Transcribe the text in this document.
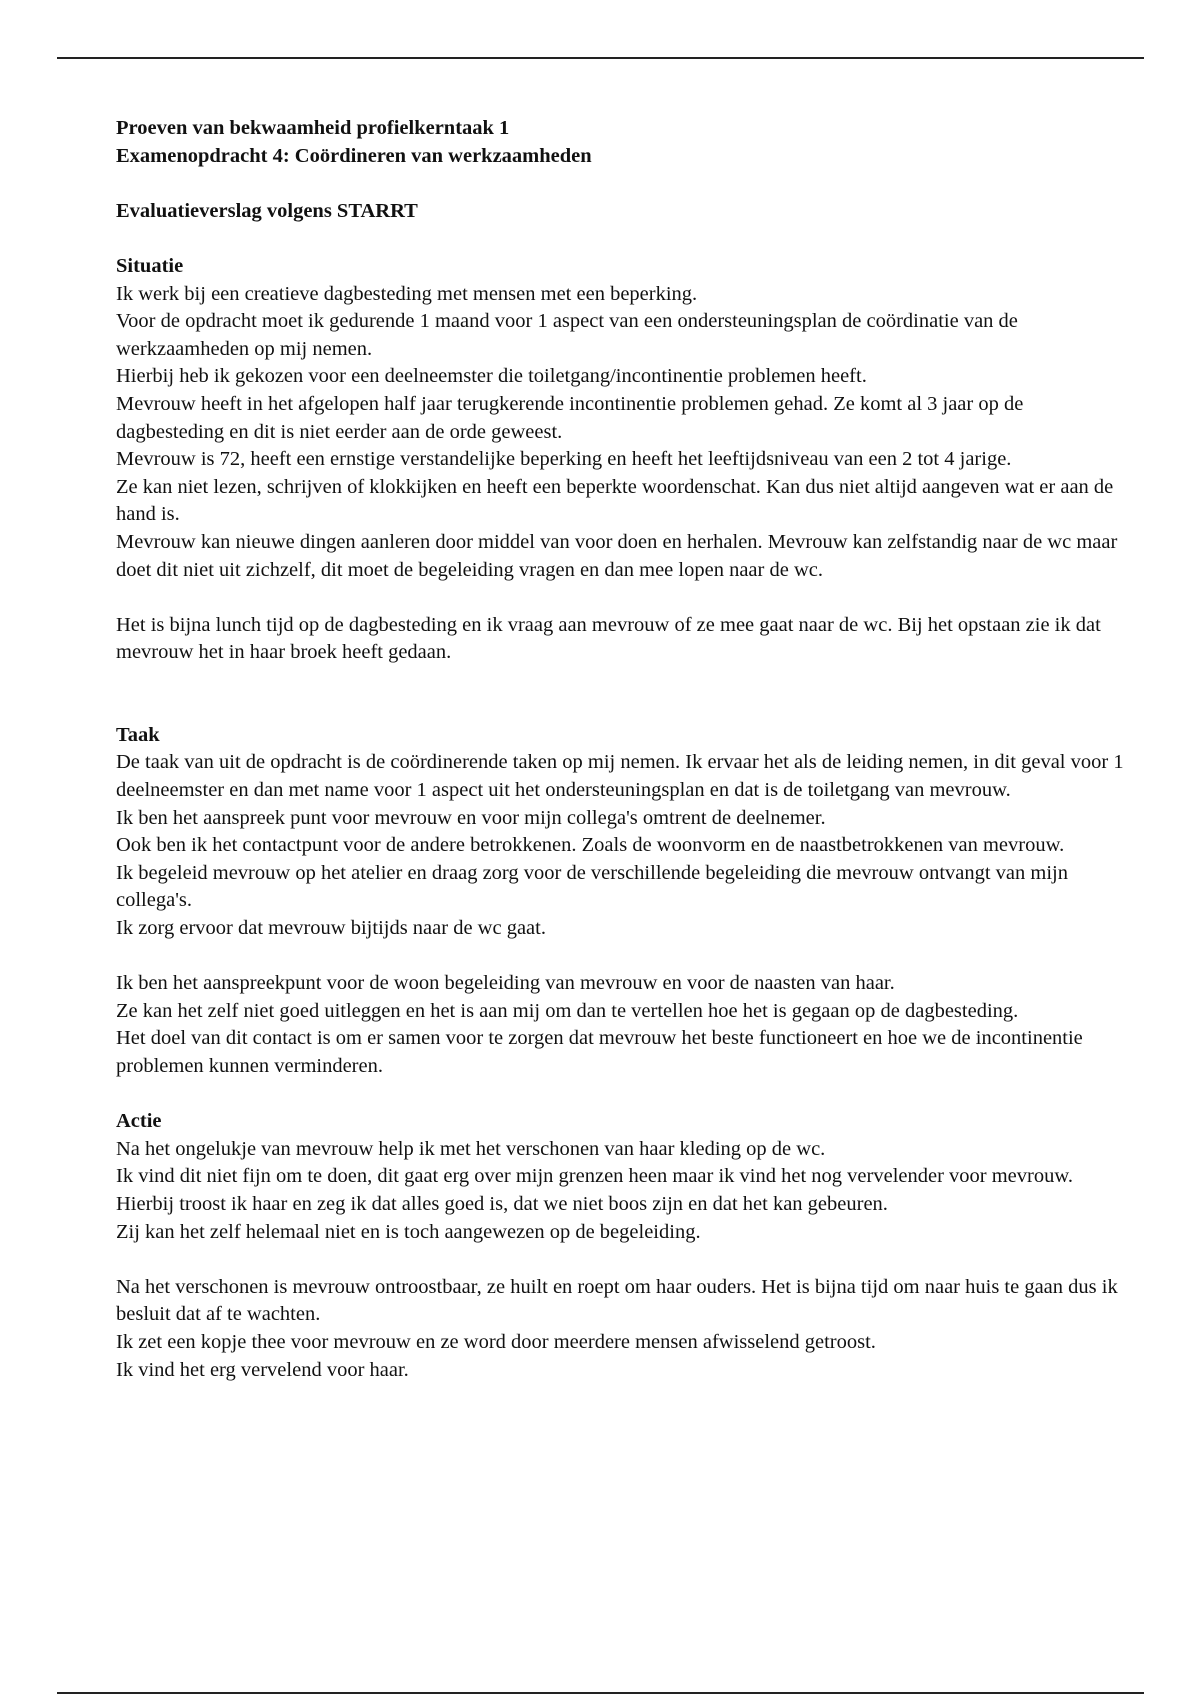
Proeven van bekwaamheid profielkerntaak 1

Examenopdracht 4: Coördineren van werkzaamheden

Evaluatieverslag volgens STARRT

Situatie

Ik werk bij een creatieve dagbesteding met mensen met een beperking.

Voor de opdracht moet ik gedurende 1 maand voor 1 aspect van een ondersteuningsplan de coördinatie van de werkzaamheden op mij nemen.

Hierbij heb ik gekozen voor een deelneemster die toiletgang/incontinentie problemen heeft.

Mevrouw heeft in het afgelopen half jaar terugkerende incontinentie problemen gehad. Ze komt al 3 jaar op de dagbesteding en dit is niet eerder aan de orde geweest.

Mevrouw is 72, heeft een ernstige verstandelijke beperking en heeft het leeftijdsniveau van een 2 tot 4 jarige.

Ze kan niet lezen, schrijven of klokkijken en heeft een beperkte woordenschat. Kan dus niet altijd aangeven wat er aan de hand is.

Mevrouw kan nieuwe dingen aanleren door middel van voor doen en herhalen. Mevrouw kan zelfstandig naar de wc maar doet dit niet uit zichzelf, dit moet de begeleiding vragen en dan mee lopen naar de wc.

Het is bijna lunch tijd op de dagbesteding en ik vraag aan mevrouw of ze mee gaat naar de wc. Bij het opstaan zie ik dat mevrouw het in haar broek heeft gedaan.

Taak

De taak van uit de opdracht is de coördinerende taken op mij nemen. Ik ervaar het als de leiding nemen, in dit geval voor 1 deelneemster en dan met name voor 1 aspect uit het ondersteuningsplan en dat is de toiletgang van mevrouw.

Ik ben het aanspreek punt voor mevrouw en voor mijn collega's omtrent de deelnemer.

Ook ben ik het contactpunt voor de andere betrokkenen. Zoals de woonvorm en de naastbetrokkenen van mevrouw.

Ik begeleid mevrouw op het atelier en draag zorg voor de verschillende begeleiding die mevrouw ontvangt van mijn collega's.

Ik zorg ervoor dat mevrouw bijtijds naar de wc gaat.

Ik ben het aanspreekpunt voor de woon begeleiding van mevrouw en voor de naasten van haar.

Ze kan het zelf niet goed uitleggen en het is aan mij om dan te vertellen hoe het is gegaan op de dagbesteding.

Het doel van dit contact is om er samen voor te zorgen dat mevrouw het beste functioneert en hoe we de incontinentie problemen kunnen verminderen.

Actie

Na het ongelukje van mevrouw help ik met het verschonen van haar kleding op de wc.

Ik vind dit niet fijn om te doen, dit gaat erg over mijn grenzen heen maar ik vind het nog vervelender voor mevrouw. Hierbij troost ik haar en zeg ik dat alles goed is, dat we niet boos zijn en dat het kan gebeuren.

Zij kan het zelf helemaal niet en is toch aangewezen op de begeleiding.

Na het verschonen is mevrouw ontroostbaar, ze huilt en roept om haar ouders. Het is bijna tijd om naar huis te gaan dus ik besluit dat af te wachten.

Ik zet een kopje thee voor mevrouw en ze word door meerdere mensen afwisselend getroost.

Ik vind het erg vervelend voor haar.
